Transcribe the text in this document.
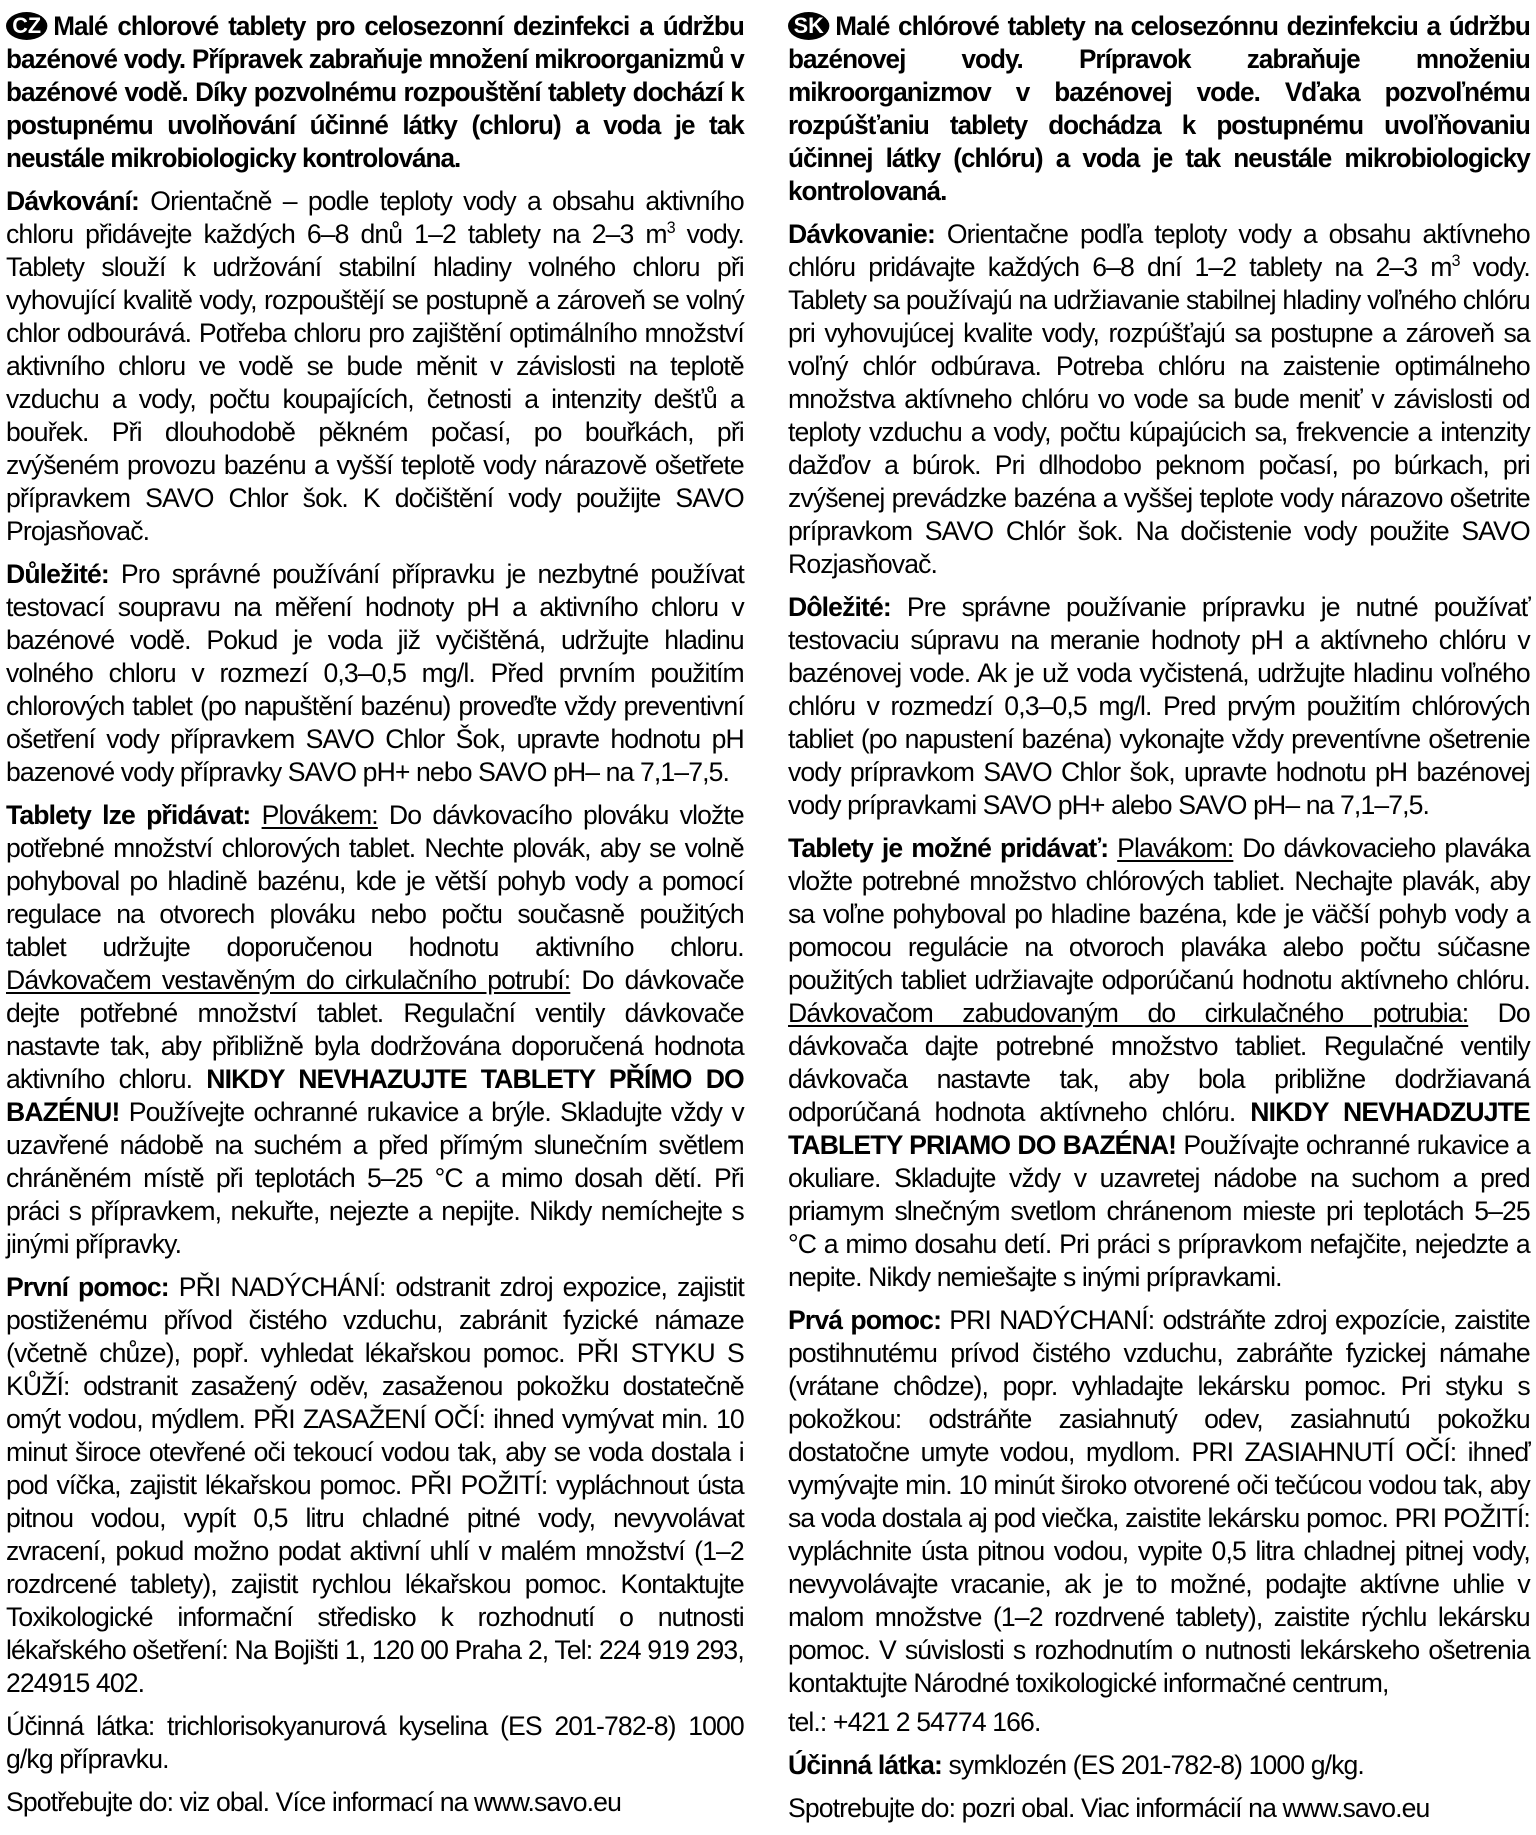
CZ Malé chlorové tablety pro celosezonní dezinfekci a údržbu bazénové vody. Přípravek zabraňuje množení mikroorganizmů v bazénové vodě. Díky pozvolnému rozpouštění tablety dochází k postupnému uvolňování účinné látky (chloru) a voda je tak neustále mikrobiologicky kontrolována.

Dávkování: Orientačně – podle teploty vody a obsahu aktivního chloru přidávejte každých 6–8 dnů 1–2 tablety na 2–3 $m^3$ vody. Tablety slouží k udržování stabilní hladiny volného chloru při vyhovující kvalitě vody, rozpouštějí se postupně a zároveň se volný chlor odbourává. Potřeba chloru pro zajištění optimálního množství aktivního chloru ve vodě se bude měnit v závislosti na teplotě vzduchu a vody, počtu koupajících, četnosti a intenzity dešťů a bouřek. Při dlouhodobě pěkném počasí, po bouřkách, při zvýšeném provozu bazénu a vyšší teplotě vody nárazově ošetřete přípravkem SAVO Chlor šok. K dočištění vody použijte SAVO Projasňovač.

Důležité: Pro správné používání přípravku je nezbytné používat testovací soupravu na měření hodnoty pH a aktivního chloru v bazénové vodě. Pokud je voda již vyčištěná, udržujte hladinu volného chloru v rozmezí 0,3–0,5 mg/l. Před prvním použitím chlorových tablet (po napuštění bazénu) proveďte vždy preventivní ošetření vody přípravkem SAVO Chlor Šok, upravte hodnotu pH bazenové vody přípravky SAVO pH+ nebo SAVO pH– na 7,1–7,5.

Tablety lze přidávat: Plovákem: Do dávkovacího plováku vložte potřebné množství chlorových tablet. Nechte plovák, aby se volně pohyboval po hladině bazénu, kde je větší pohyb vody a pomocí regulace na otvorech plováku nebo počtu současně použitých tablet udržujte doporučenou hodnotu aktivního chloru. Dávkovačem vestavěným do cirkulačního potrubí: Do dávkovače dejte potřebné množství tablet. Regulační ventily dávkovače nastavte tak, aby přibližně byla dodržována doporučená hodnota aktivního chloru. NIKDY NEVHAZUJTE TABLETY PŘÍMO DO BAZÉNU! Používejte ochranné rukavice a brýle. Skladujte vždy v uzavřené nádobě na suchém a před přímým slunečním světlem chráněném místě při teplotách 5–25 °C a mimo dosah dětí. Při práci s přípravkem, nekuřte, nejezte a nepijte. Nikdy nemíchejte s jinými přípravky.

První pomoc: PŘI NADÝCHÁNÍ: odstranit zdroj expozice, zajistit postiženému přívod čistého vzduchu, zabránit fyzické námaze (včetně chůze), popř. vyhledat lékařskou pomoc. PŘI STYKU S KŮŽÍ: odstranit zasažený oděv, zasaženou pokožku dostatečně omýt vodou, mýdlem. PŘI ZASAŽENÍ OČÍ: ihned vymývat min. 10 minut široce otevřené oči tekoucí vodou tak, aby se voda dostala i pod víčka, zajistit lékařskou pomoc. PŘI POŽITÍ: vypláchnout ústa pitnou vodou, vypít 0,5 litru chladné pitné vody, nevyvolávat zvracení, pokud možno podat aktivní uhlí v malém množství (1–2 rozdrcené tablety), zajistit rychlou lékařskou pomoc. Kontaktujte Toxikologické informační středisko k rozhodnutí o nutnosti lékařského ošetření: Na Bojišti 1, 120 00 Praha 2, Tel: 224 919 293, 224915 402.

Účinná látka: trichlorisokyanurová kyselina (ES 201-782-8) 1000 g/kg přípravku.

Spotřebujte do: viz obal. Více informací na www.savo.eu

SK Malé chlórové tablety na celosezónnu dezinfekciu a údržbu bazénovej vody. Prípravok zabraňuje množeniu mikroorganizmov v bazénovej vode. Vďaka pozvoľnému rozpúšťaniu tablety dochádza k postupnému uvoľňovaniu účinnej látky (chlóru) a voda je tak neustále mikrobiologicky kontrolovaná.

Dávkovanie: Orientačne podľa teploty vody a obsahu aktívneho chlóru pridávajte každých 6–8 dní 1–2 tablety na 2–3 $m^3$ vody. Tablety sa používajú na udržiavanie stabilnej hladiny voľného chlóru pri vyhovujúcej kvalite vody, rozpúšťajú sa postupne a zároveň sa voľný chlór odbúrava. Potreba chlóru na zaistenie optimálneho množstva aktívneho chlóru vo vode sa bude meniť v závislosti od teploty vzduchu a vody, počtu kúpajúcich sa, frekvencie a intenzity dažďov a búrok. Pri dlhodobo peknom počasí, po búrkach, pri zvýšenej prevádzke bazéna a vyššej teplote vody nárazovo ošetrite prípravkom SAVO Chlór šok. Na dočistenie vody použite SAVO Rozjasňovač.

Dôležité: Pre správne používanie prípravku je nutné používať testovaciu súpravu na meranie hodnoty pH a aktívneho chlóru v bazénovej vode. Ak je už voda vyčistená, udržujte hladinu voľného chlóru v rozmedzí 0,3–0,5 mg/l. Pred prvým použitím chlórových tabliet (po napustení bazéna) vykonajte vždy preventívne ošetrenie vody prípravkom SAVO Chlor šok, upravte hodnotu pH bazénovej vody prípravkami SAVO pH+ alebo SAVO pH– na 7,1–7,5.

Tablety je možné pridávať: Plavákom: Do dávkovacieho plaváka vložte potrebné množstvo chlórových tabliet. Nechajte plavák, aby sa voľne pohyboval po hladine bazéna, kde je väčší pohyb vody a pomocou regulácie na otvoroch plaváka alebo počtu súčasne použitých tabliet udržiavajte odporúčanú hodnotu aktívneho chlóru. Dávkovačom zabudovaným do cirkulačného potrubia: Do dávkovača dajte potrebné množstvo tabliet. Regulačné ventily dávkovača nastavte tak, aby bola približne dodržiavaná odporúčaná hodnota aktívneho chlóru. NIKDY NEVHADZUJTE TABLETY PRIAMO DO BAZÉNA! Používajte ochranné rukavice a okuliare. Skladujte vždy v uzavretej nádobe na suchom a pred priamym slnečným svetlom chránenom mieste pri teplotách 5–25 °C a mimo dosahu detí. Pri práci s prípravkom nefajčite, nejedzte a nepite. Nikdy nemiešajte s inými prípravkami.

Prvá pomoc: PRI NADÝCHANÍ: odstráňte zdroj expozície, zaistite postihnutému prívod čistého vzduchu, zabráňte fyzickej námahe (vrátane chôdze), popr. vyhladajte lekársku pomoc. Pri styku s pokožkou: odstráňte zasiahnutý odev, zasiahnutú pokožku dostatočne umyte vodou, mydlom. PRI ZASIAHNUTÍ OČÍ: ihneď vymývajte min. 10 minút široko otvorené oči tečúcou vodou tak, aby sa voda dostala aj pod viečka, zaistite lekársku pomoc. PRI POŽITÍ: vypláchnite ústa pitnou vodou, vypite 0,5 litra chladnej pitnej vody, nevyvolávajte vracanie, ak je to možné, podajte aktívne uhlie v malom množstve (1–2 rozdrvené tablety), zaistite rýchlu lekársku pomoc. V súvislosti s rozhodnutím o nutnosti lekárskeho ošetrenia kontaktujte Národné toxikologické informačné centrum,
tel.: +421 2 54774 166.

Účinná látka: symklozén (ES 201-782-8) 1000 g/kg.

Spotrebujte do: pozri obal. Viac informácií na www.savo.eu
